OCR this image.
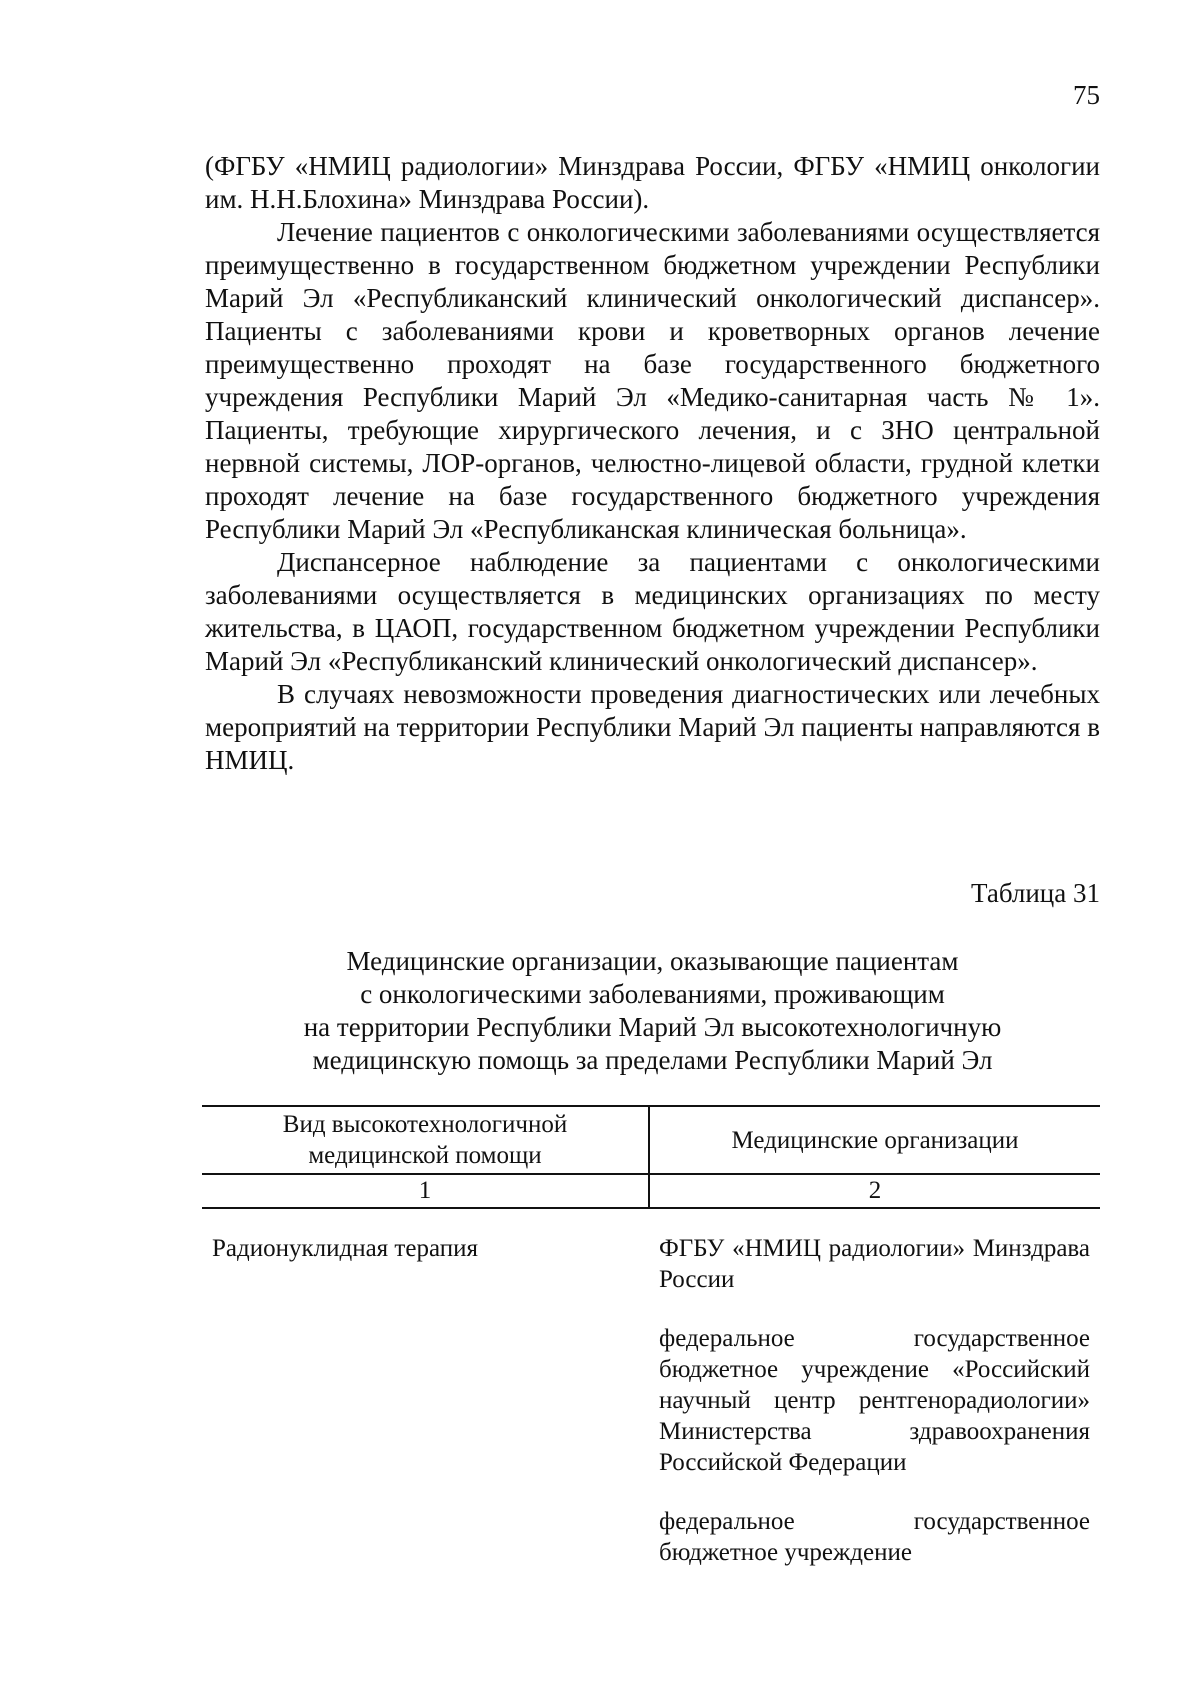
75

(ФГБУ «НМИЦ радиологии» Минздрава России, ФГБУ «НМИЦ онкологии им. Н.Н.Блохина» Минздрава России).

Лечение пациентов с онкологическими заболеваниями осуществляется преимущественно в государственном бюджетном учреждении Республики Марий Эл «Республиканский клинический онкологический диспансер». Пациенты с заболеваниями крови и кроветворных органов лечение преимущественно проходят на базе государственного бюджетного учреждения Республики Марий Эл «Медико-санитарная часть № 1». Пациенты, требующие хирургического лечения, и с ЗНО центральной нервной системы, ЛОР-органов, челюстно-лицевой области, грудной клетки проходят лечение на базе государственного бюджетного учреждения Республики Марий Эл «Республиканская клиническая больница».

Диспансерное наблюдение за пациентами с онкологическими заболеваниями осуществляется в медицинских организациях по месту жительства, в ЦАОП, государственном бюджетном учреждении Республики Марий Эл «Республиканский клинический онкологический диспансер».

В случаях невозможности проведения диагностических или лечебных мероприятий на территории Республики Марий Эл пациенты направляются в НМИЦ.

Таблица 31
Медицинские организации, оказывающие пациентам
с онкологическими заболеваниями, проживающим
на территории Республики Марий Эл высокотехнологичную
медицинскую помощь за пределами Республики Марий Эл
Вид высокотехнологичной медицинской помощи	Медицинские организации
1	2
Радионуклидная терапия	ФГБУ «НМИЦ радиологии» Минздрава России
федеральное государственное бюджетное учреждение «Российский научный центр рентгенорадиологии» Министерства здравоохранения Российской Федерации
федеральное государственное бюджетное учреждение
